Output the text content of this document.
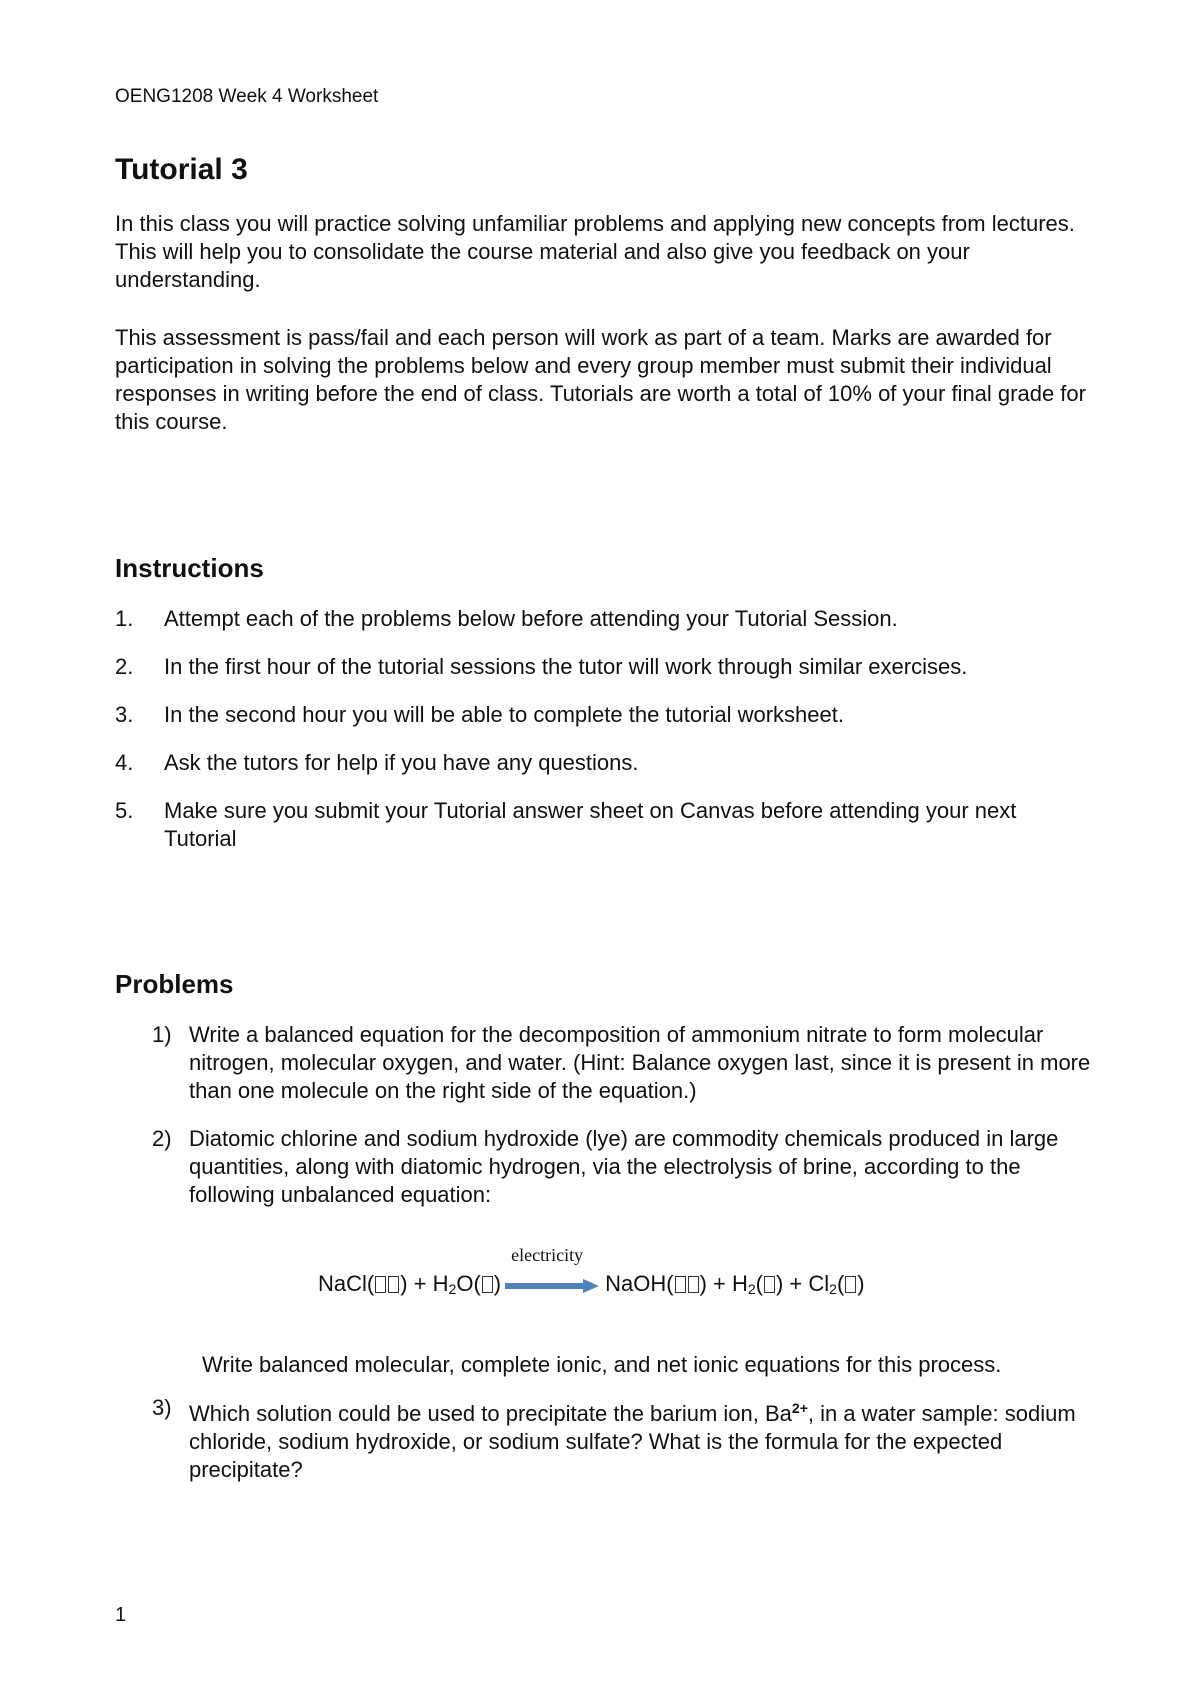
OENG1208 Week 4 Worksheet
Tutorial 3

In this class you will practice solving unfamiliar problems and applying new concepts from lectures. This will help you to consolidate the course material and also give you feedback on your understanding.

This assessment is pass/fail and each person will work as part of a team. Marks are awarded for participation in solving the problems below and every group member must submit their individual responses in writing before the end of class. Tutorials are worth a total of 10% of your final grade for this course.

Instructions
1. Attempt each of the problems below before attending your Tutorial Session.
2. In the first hour of the tutorial sessions the tutor will work through similar exercises.
3. In the second hour you will be able to complete the tutorial worksheet.
4. Ask the tutors for help if you have any questions.
5. Make sure you submit your Tutorial answer sheet on Canvas before attending your next Tutorial
Problems
1) Write a balanced equation for the decomposition of ammonium nitrate to form molecular nitrogen, molecular oxygen, and water. (Hint: Balance oxygen last, since it is present in more than one molecule on the right side of the equation.)
2) Diatomic chlorine and sodium hydroxide (lye) are commodity chemicals produced in large quantities, along with diatomic hydrogen, via the electrolysis of brine, according to the following unbalanced equation:
NaCl( ) + $H_2O$( )
electricity
NaOH( ) + $H_2$( ) + $Cl_2$( )
Write balanced molecular, complete ionic, and net ionic equations for this process.
3) Which solution could be used to precipitate the barium ion, $Ba^{2+}$, in a water sample: sodium chloride, sodium hydroxide, or sodium sulfate? What is the formula for the expected precipitate?
1
